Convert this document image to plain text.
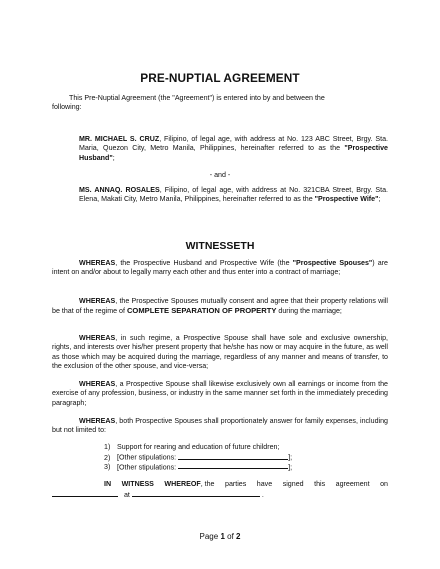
PRE-NUPTIAL AGREEMENT
This Pre-Nuptial Agreement (the "Agreement") is entered into by and between the
following:
MR. MICHAEL S. CRUZ, Filipino, of legal age, with address at No. 123 ABC Street, Brgy. Sta. Maria, Quezon City, Metro Manila, Philippines, hereinafter referred to as the "Prospective Husband";
- and -
MS. ANNAQ. ROSALES, Filipino, of legal age, with address at No. 321CBA Street, Brgy. Sta. Elena, Makati City, Metro Manila, Philippines, hereinafter referred to as the "Prospective Wife";
WITNESSETH
WHEREAS, the Prospective Husband and Prospective Wife (the "Prospective Spouses") are intent on and/or about to legally marry each other and thus enter into a contract of marriage;
WHEREAS, the Prospective Spouses mutually consent and agree that their property relations will be that of the regime of COMPLETE SEPARATION OF PROPERTY during the marriage;
WHEREAS, in such regime, a Prospective Spouse shall have sole and exclusive ownership, rights, and interests over his/her present property that he/she has now or may acquire in the future, as well as those which may be acquired during the marriage, regardless of any manner and means of transfer, to the exclusion of the other spouse, and vice-versa;
WHEREAS, a Prospective Spouse shall likewise exclusively own all earnings or income from the exercise of any profession, business, or industry in the same manner set forth in the immediately preceding paragraph;
WHEREAS, both Prospective Spouses shall proportionately answer for family expenses, including but not limited to:
1) Support for rearing and education of future children;
2) [Other stipulations:	];
3) [Other stipulations:	];
IN WITNESS WHEREOF, the parties have signed this agreement on
at	.
Page 1 of 2
